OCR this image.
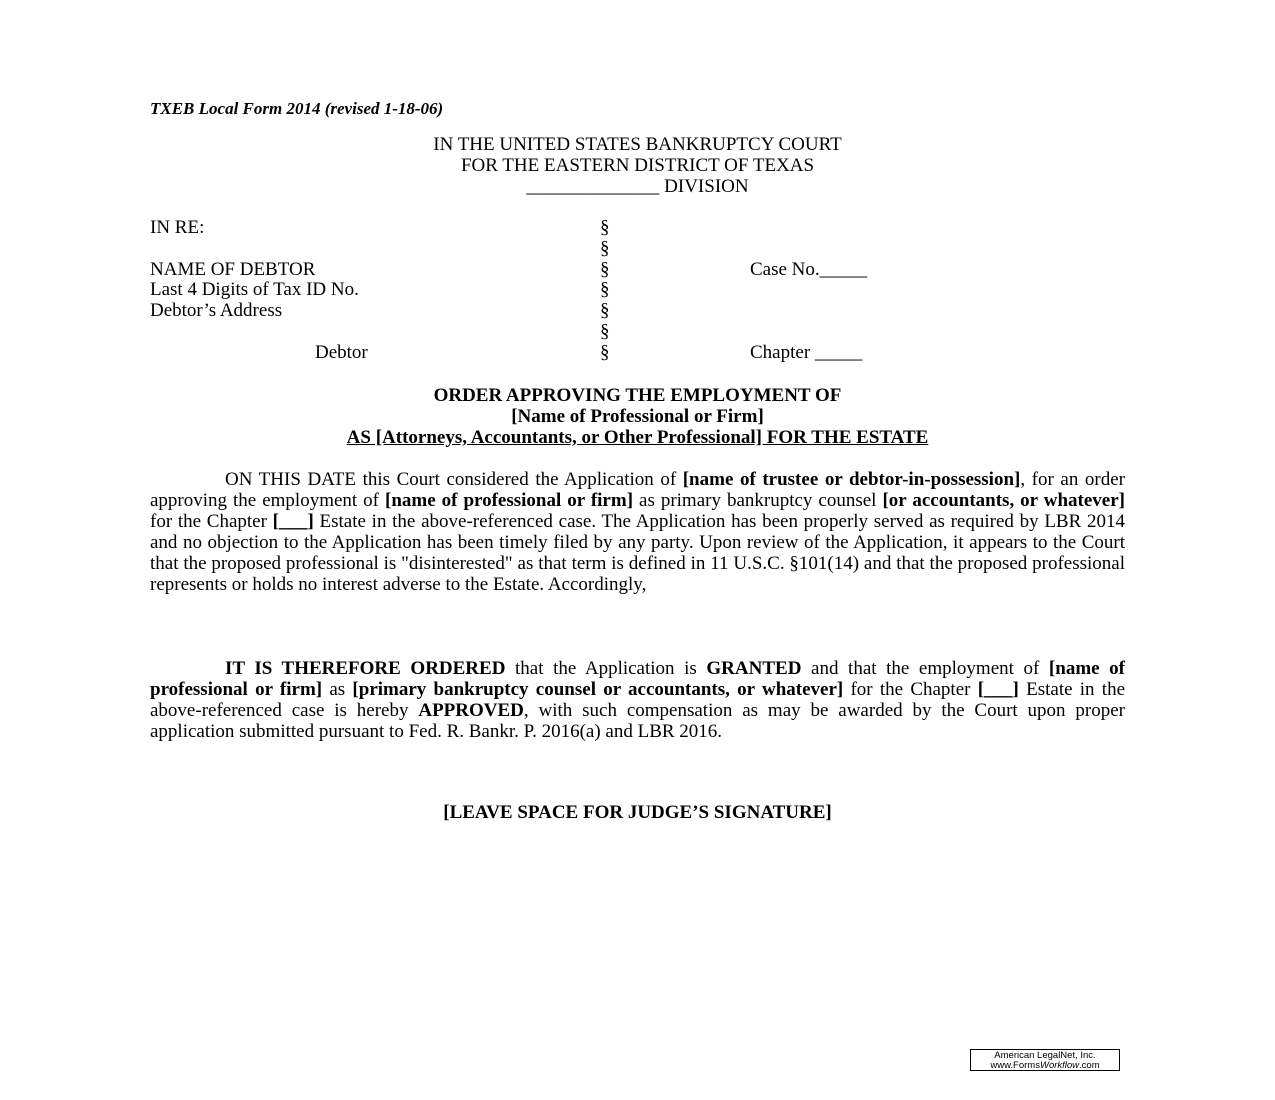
TXEB Local Form 2014 (revised 1-18-06)
IN THE UNITED STATES BANKRUPTCY COURT
FOR THE EASTERN DISTRICT OF TEXAS
______________ DIVISION
IN RE:
NAME OF DEBTOR
Last 4 Digits of Tax ID No.
Debtor’s Address
Debtor
§
§
§
§
§
§
§
Case No._____
Chapter _____
ORDER APPROVING THE EMPLOYMENT OF
[Name of Professional or Firm]
AS [Attorneys, Accountants, or Other Professional] FOR THE ESTATE
ON THIS DATE this Court considered the Application of [name of trustee or debtor-in-possession], for an order approving the employment of [name of professional or firm] as primary bankruptcy counsel [or accountants, or whatever] for the Chapter [___] Estate in the above-referenced case. The Application has been properly served as required by LBR 2014 and no objection to the Application has been timely filed by any party. Upon review of the Application, it appears to the Court that the proposed professional is "disinterested" as that term is defined in 11 U.S.C. §101(14) and that the proposed professional represents or holds no interest adverse to the Estate. Accordingly,
IT IS THEREFORE ORDERED that the Application is GRANTED and that the employment of [name of professional or firm] as [primary bankruptcy counsel or accountants, or whatever] for the Chapter [___] Estate in the above-referenced case is hereby APPROVED, with such compensation as may be awarded by the Court upon proper application submitted pursuant to Fed. R. Bankr. P. 2016(a) and LBR 2016.
[LEAVE SPACE FOR JUDGE’S SIGNATURE]
American LegalNet, Inc.
www.FormsWorkflow.com
